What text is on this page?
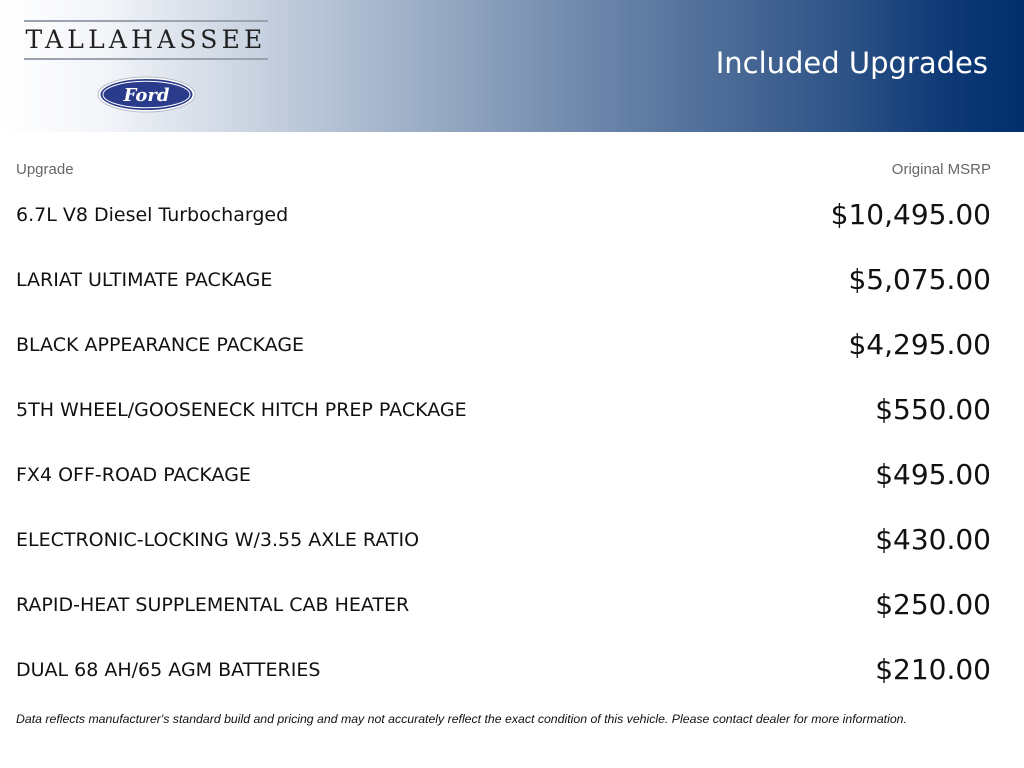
TALLAHASSEE
Ford
Included Upgrades
Upgrade	Original MSRP
6.7L V8 Diesel Turbocharged	$10,495.00
LARIAT ULTIMATE PACKAGE	$5,075.00
BLACK APPEARANCE PACKAGE	$4,295.00
5TH WHEEL/GOOSENECK HITCH PREP PACKAGE	$550.00
FX4 OFF-ROAD PACKAGE	$495.00
ELECTRONIC-LOCKING W/3.55 AXLE RATIO	$430.00
RAPID-HEAT SUPPLEMENTAL CAB HEATER	$250.00
DUAL 68 AH/65 AGM BATTERIES	$210.00
Data reflects manufacturer's standard build and pricing and may not accurately reflect the exact condition of this vehicle. Please contact dealer for more information.
